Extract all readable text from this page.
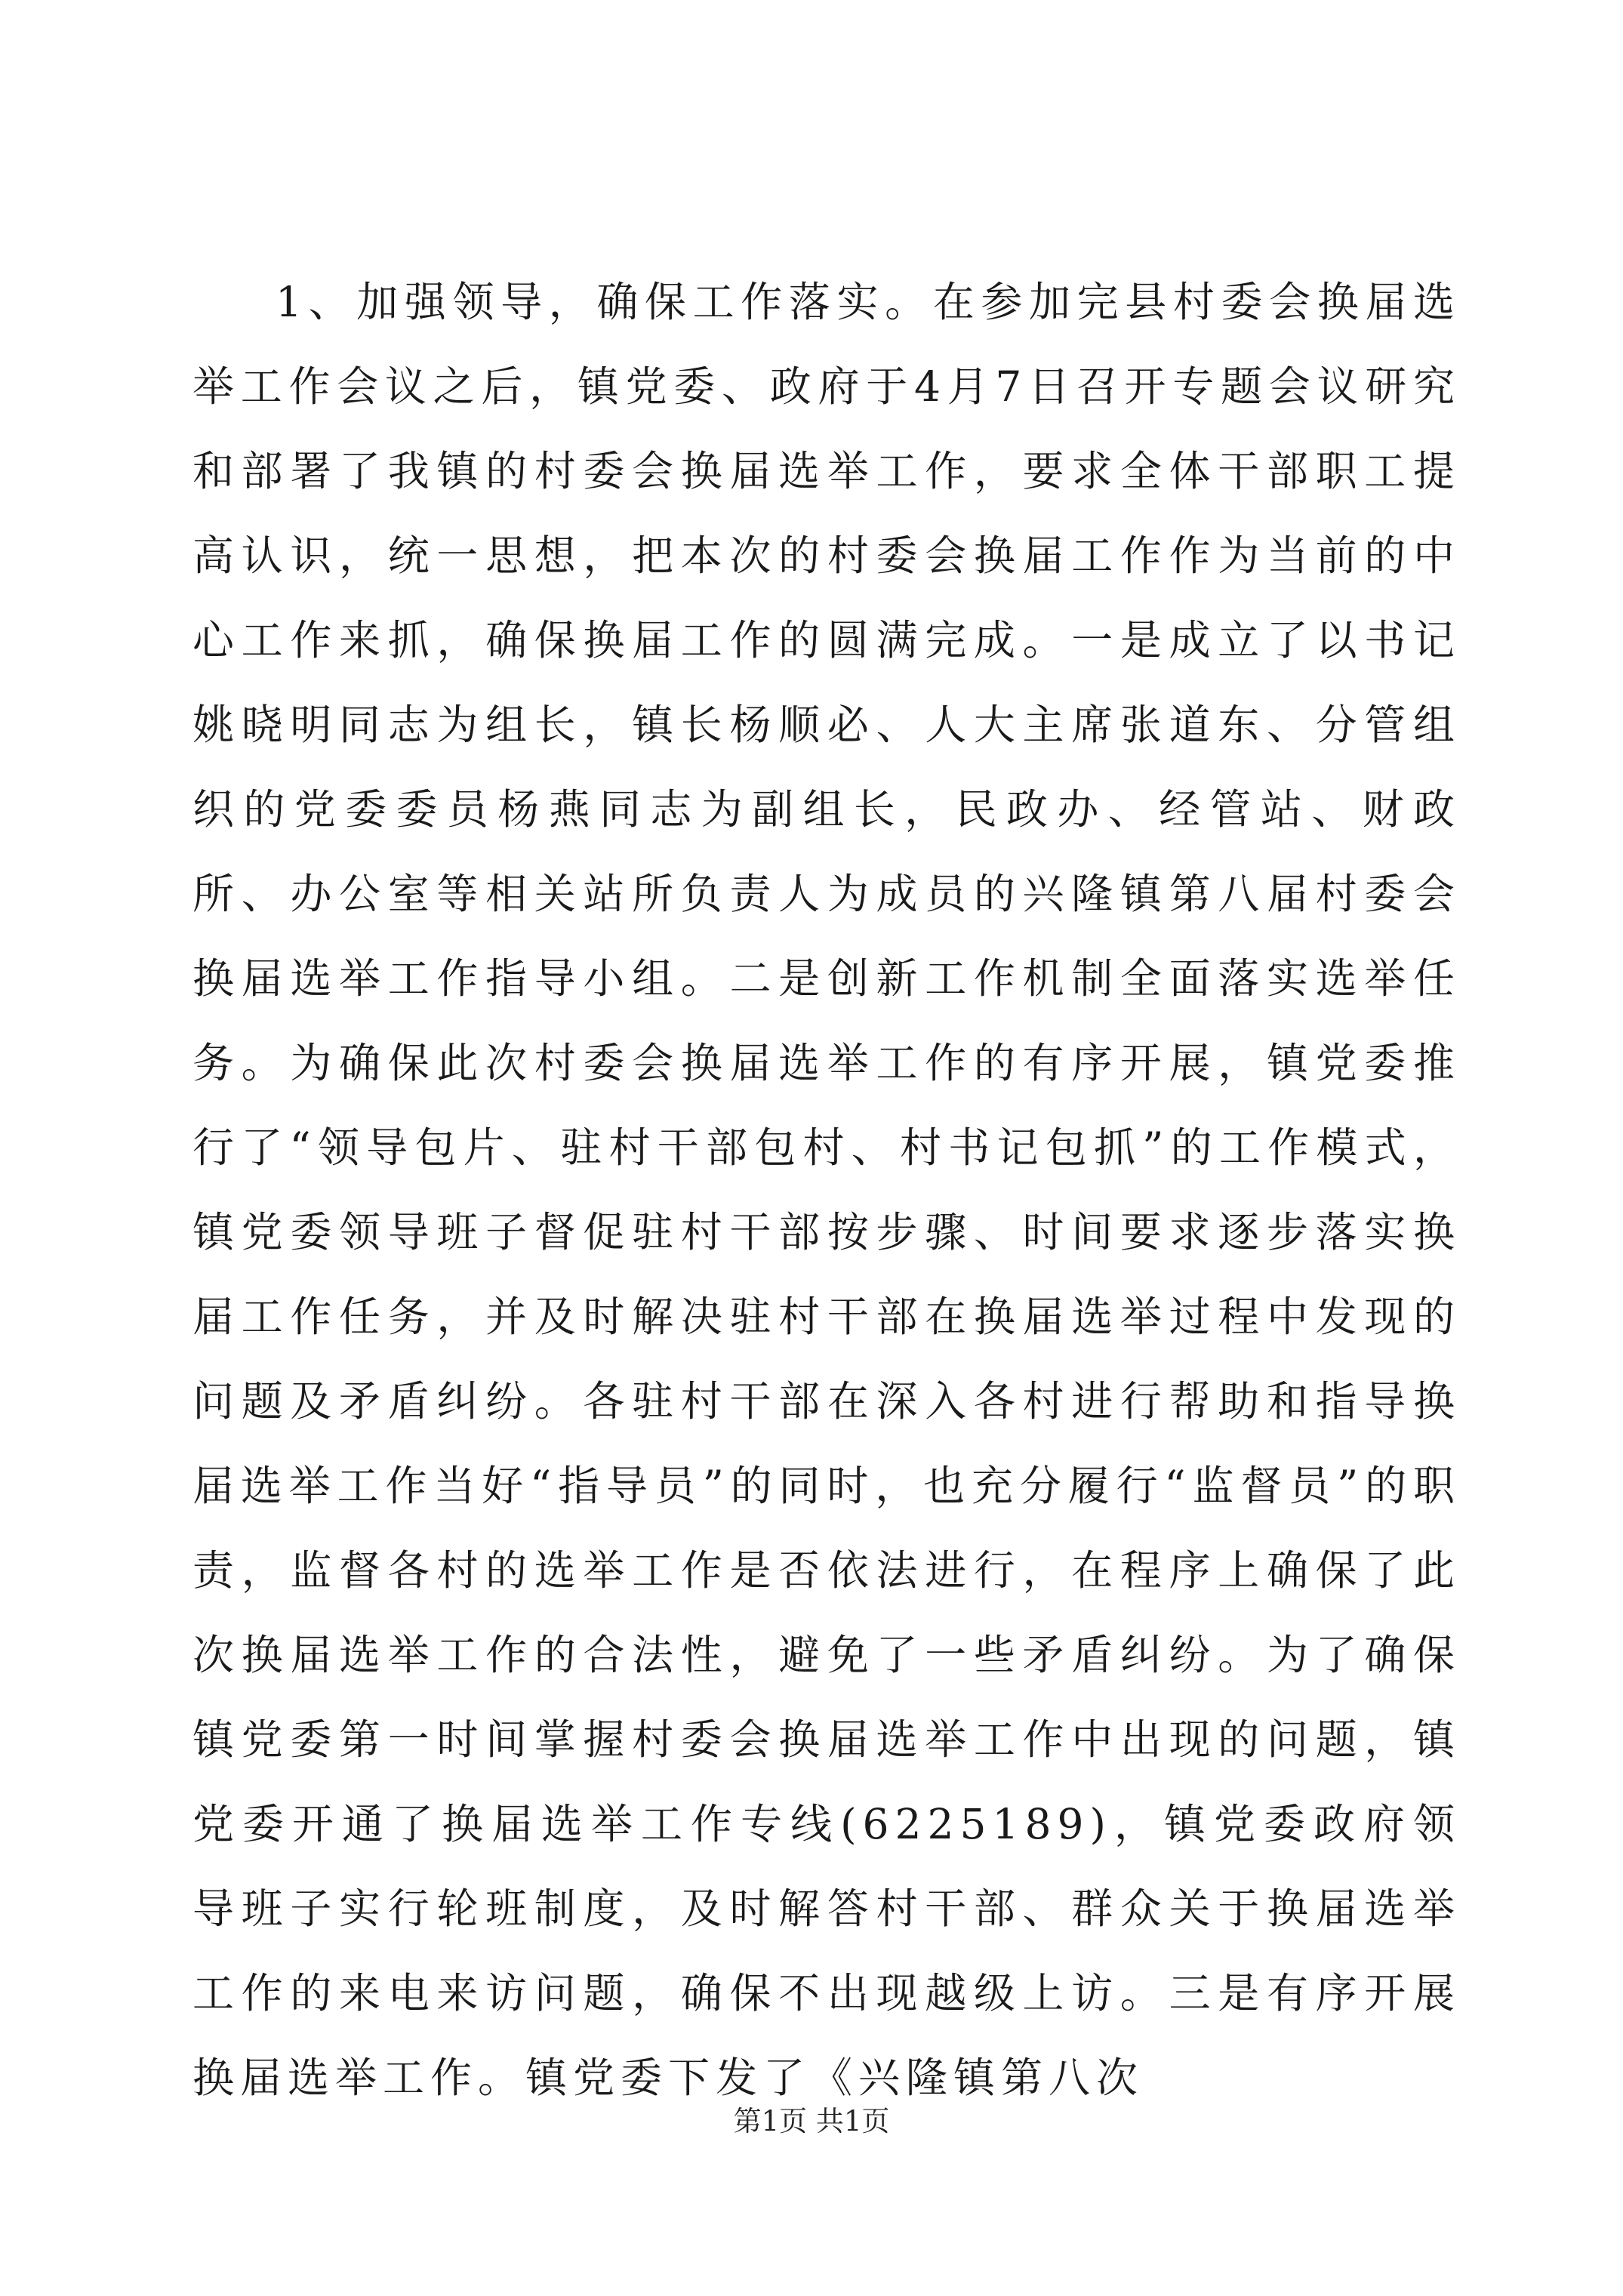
1、加强领导，确保工作落实。在参加完县村委会换届选举工作会议之后，镇党委、政府于4月7日召开专题会议研究和部署了我镇的村委会换届选举工作，要求全体干部职工提高认识，统一思想，把本次的村委会换届工作作为当前的中心工作来抓，确保换届工作的圆满完成。一是成立了以书记姚晓明同志为组长，镇长杨顺必、人大主席张道东、分管组织的党委委员杨燕同志为副组长，民政办、经管站、财政所、办公室等相关站所负责人为成员的兴隆镇第八届村委会换届选举工作指导小组。二是创新工作机制全面落实选举任务。为确保此次村委会换届选举工作的有序开展，镇党委推行了“领导包片、驻村干部包村、村书记包抓”的工作模式，镇党委领导班子督促驻村干部按步骤、时间要求逐步落实换届工作任务，并及时解决驻村干部在换届选举过程中发现的问题及矛盾纠纷。各驻村干部在深入各村进行帮助和指导换届选举工作当好“指导员”的同时，也充分履行“监督员”的职责，监督各村的选举工作是否依法进行，在程序上确保了此次换届选举工作的合法性，避免了一些矛盾纠纷。为了确保镇党委第一时间掌握村委会换届选举工作中出现的问题，镇党委开通了换届选举工作专线(6225189)，镇党委政府领导班子实行轮班制度，及时解答村干部、群众关于换届选举工作的来电来访问题，确保不出现越级上访。三是有序开展换届选举工作。镇党委下发了《兴隆镇第八次

第1页 共1页
